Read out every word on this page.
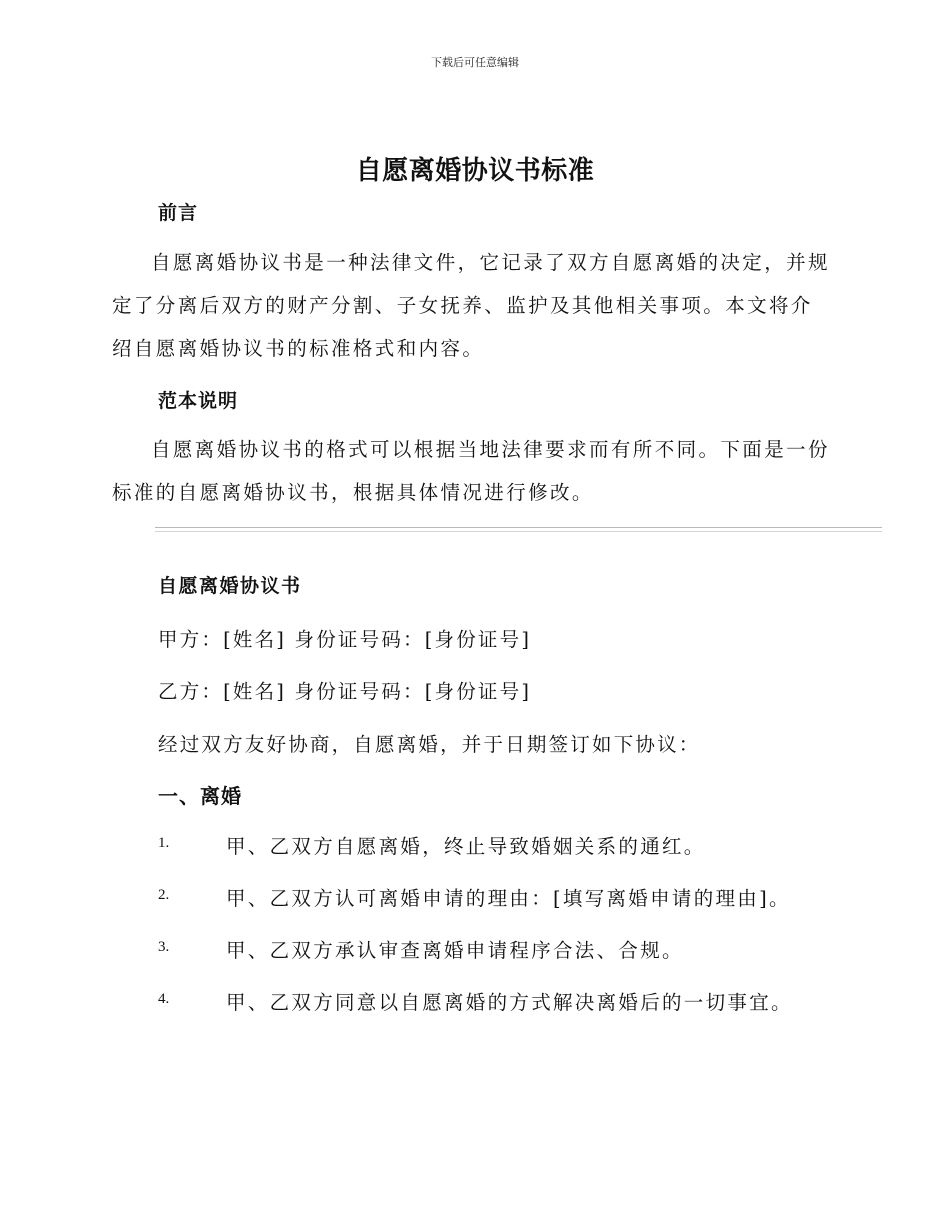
下载后可任意编辑
自愿离婚协议书标准
前言

自愿离婚协议书是一种法律文件，它记录了双方自愿离婚的决定，并规定了分离后双方的财产分割、子女抚养、监护及其他相关事项。本文将介绍自愿离婚协议书的标准格式和内容。

范本说明

自愿离婚协议书的格式可以根据当地法律要求而有所不同。下面是一份标准的自愿离婚协议书，根据具体情况进行修改。

自愿离婚协议书
甲方：[姓名] 身份证号码：[身份证号]
乙方：[姓名] 身份证号码：[身份证号]
经过双方友好协商，自愿离婚，并于日期签订如下协议：
一、离婚
1.	甲、乙双方自愿离婚，终止导致婚姻关系的通红。
2.	甲、乙双方认可离婚申请的理由：[填写离婚申请的理由]。
3.	甲、乙双方承认审查离婚申请程序合法、合规。
4.	甲、乙双方同意以自愿离婚的方式解决离婚后的一切事宜。
